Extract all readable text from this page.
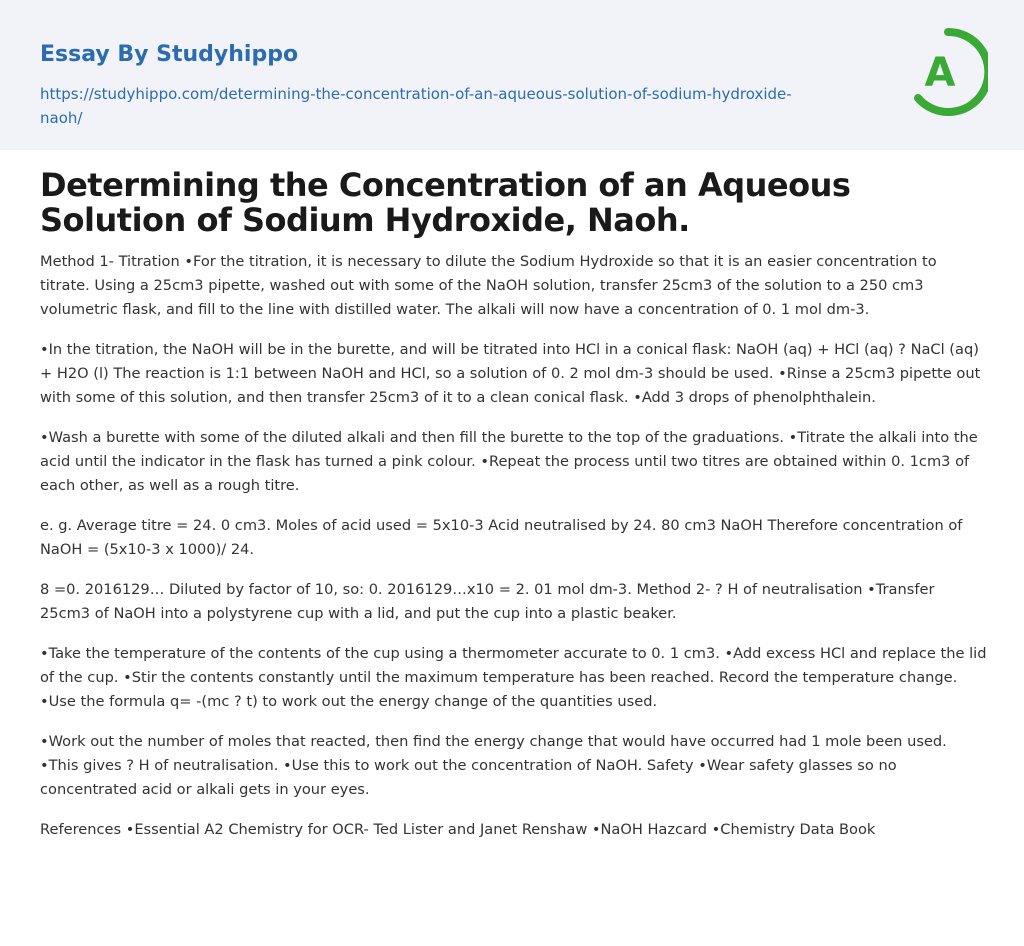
Essay By Studyhippo
https://studyhippo.com/determining-the-concentration-of-an-aqueous-solution-of-sodium-hydroxide-naoh/
A
Determining the Concentration of an Aqueous Solution of Sodium Hydroxide, Naoh.

Method 1- Titration •For the titration, it is necessary to dilute the Sodium Hydroxide so that it is an easier concentration to titrate. Using a 25cm3 pipette, washed out with some of the NaOH solution, transfer 25cm3 of the solution to a 250 cm3 volumetric flask, and fill to the line with distilled water. The alkali will now have a concentration of 0. 1 mol dm-3.

•In the titration, the NaOH will be in the burette, and will be titrated into HCl in a conical flask: NaOH (aq) + HCl (aq) ? NaCl (aq) + H2O (l) The reaction is 1:1 between NaOH and HCl, so a solution of 0. 2 mol dm-3 should be used. •Rinse a 25cm3 pipette out with some of this solution, and then transfer 25cm3 of it to a clean conical flask. •Add 3 drops of phenolphthalein.

•Wash a burette with some of the diluted alkali and then fill the burette to the top of the graduations. •Titrate the alkali into the acid until the indicator in the flask has turned a pink colour. •Repeat the process until two titres are obtained within 0. 1cm3 of each other, as well as a rough titre.

e. g. Average titre = 24. 0 cm3. Moles of acid used = 5x10-3 Acid neutralised by 24. 80 cm3 NaOH Therefore concentration of NaOH = (5x10-3 x 1000)/ 24.

8 =0. 2016129… Diluted by factor of 10, so: 0. 2016129…x10 = 2. 01 mol dm-3. Method 2- ? H of neutralisation •Transfer 25cm3 of NaOH into a polystyrene cup with a lid, and put the cup into a plastic beaker.

•Take the temperature of the contents of the cup using a thermometer accurate to 0. 1 cm3. •Add excess HCl and replace the lid of the cup. •Stir the contents constantly until the maximum temperature has been reached. Record the temperature change. •Use the formula q= -(mc ? t) to work out the energy change of the quantities used.

•Work out the number of moles that reacted, then find the energy change that would have occurred had 1 mole been used. •This gives ? H of neutralisation. •Use this to work out the concentration of NaOH. Safety •Wear safety glasses so no concentrated acid or alkali gets in your eyes.

References •Essential A2 Chemistry for OCR- Ted Lister and Janet Renshaw •NaOH Hazcard •Chemistry Data Book
